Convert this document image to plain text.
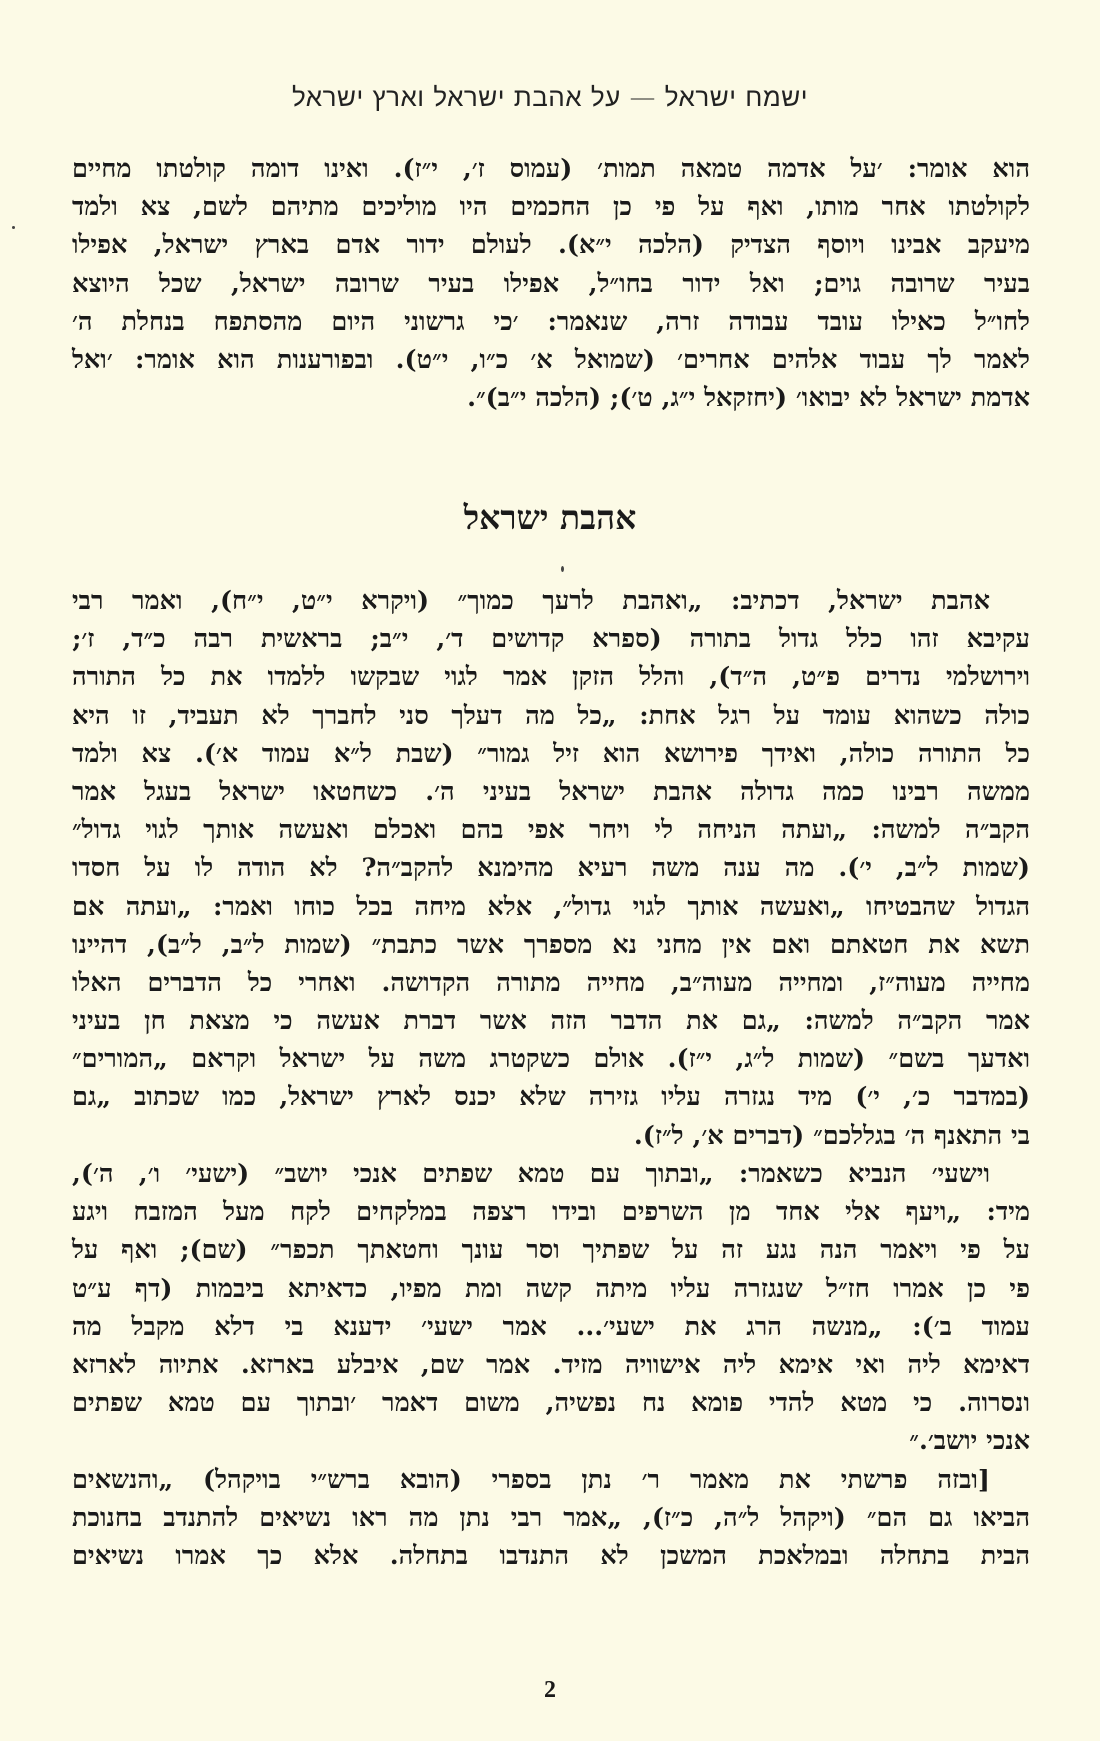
ישמח ישראל — על אהבת ישראל וארץ ישראל
הוא אומר: ׳על אדמה טמאה תמות׳ (עמוס ז׳, י״ז). ואינו דומה קולטתו מחיים
לקולטתו אחר מותו, ואף על פי כן החכמים היו מוליכים מתיהם לשם, צא ולמד
מיעקב אבינו ויוסף הצדיק (הלכה י״א). לעולם ידור אדם בארץ ישראל, אפילו
בעיר שרובה גוים; ואל ידור בחו״ל, אפילו בעיר שרובה ישראל, שכל היוצא
לחו״ל כאילו עובד עבודה זרה, שנאמר: ׳כי גרשוני היום מהסתפח בנחלת ה׳
לאמר לך עבוד אלהים אחרים׳ (שמואל א׳ כ״ו, י״ט). ובפורענות הוא אומר: ׳ואל
אדמת ישראל לא יבואו׳ (יחזקאל י״ג, ט׳); (הלכה י״ב)״.
אהבת ישראל
אהבת ישראל, דכתיב: „ואהבת לרעך כמוך״ (ויקרא י״ט, י״ח), ואמר רבי
עקיבא זהו כלל גדול בתורה (ספרא קדושים ד׳, י״ב; בראשית רבה כ״ד, ז׳;
וירושלמי נדרים פ״ט, ה״ד), והלל הזקן אמר לגוי שבקשו ללמדו את כל התורה
כולה כשהוא עומד על רגל אחת: „כל מה דעלך סני לחברך לא תעביד, זו היא
כל התורה כולה, ואידך פירושא הוא זיל גמור״ (שבת ל״א עמוד א׳). צא ולמד
ממשה רבינו כמה גדולה אהבת ישראל בעיני ה׳. כשחטאו ישראל בעגל אמר
הקב״ה למשה: „ועתה הניחה לי ויחר אפי בהם ואכלם ואעשה אותך לגוי גדול״
(שמות ל״ב, י׳). מה ענה משה רעיא מהימנא להקב״ה? לא הודה לו על חסדו
הגדול שהבטיחו „ואעשה אותך לגוי גדול״, אלא מיחה בכל כוחו ואמר: „ועתה אם
תשא את חטאתם ואם אין מחני נא מספרך אשר כתבת״ (שמות ל״ב, ל״ב), דהיינו
מחייה מעוה״ז, ומחייה מעוה״ב, מחייה מתורה הקדושה. ואחרי כל הדברים האלו
אמר הקב״ה למשה: „גם את הדבר הזה אשר דברת אעשה כי מצאת חן בעיני
ואדעך בשם״ (שמות ל״ג, י״ז). אולם כשקטרג משה על ישראל וקראם „המורים״
(במדבר כ׳, י׳) מיד נגזרה עליו גזירה שלא יכנס לארץ ישראל, כמו שכתוב „גם
בי התאנף ה׳ בגללכם״ (דברים א׳, ל״ז).
וישעי׳ הנביא כשאמר: „ובתוך עם טמא שפתים אנכי יושב״ (ישעי׳ ו׳, ה׳),
מיד: „ויעף אלי אחד מן השרפים ובידו רצפה במלקחים לקח מעל המזבח ויגע
על פי ויאמר הנה נגע זה על שפתיך וסר עונך וחטאתך תכפר״ (שם); ואף על
פי כן אמרו חז״ל שנגזרה עליו מיתה קשה ומת מפיו, כדאיתא ביבמות (דף ע״ט
עמוד ב׳): „מנשה הרג את ישעי׳... אמר ישעי׳ ידענא בי דלא מקבל מה
דאימא ליה ואי אימא ליה אישוויה מזיד. אמר שם, איבלע בארזא. אתיוה לארזא
ונסרוה. כי מטא להדי פומא נח נפשיה, משום דאמר ׳ובתוך עם טמא שפתים
אנכי יושב׳.״
[ובזה פרשתי את מאמר ר׳ נתן בספרי (הובא ברש״י בויקהל) „והנשאים
הביאו גם הם״ (ויקהל ל״ה, כ״ז), „אמר רבי נתן מה ראו נשיאים להתנדב בחנוכת
הבית בתחלה ובמלאכת המשכן לא התנדבו בתחלה. אלא כך אמרו נשיאים
2
